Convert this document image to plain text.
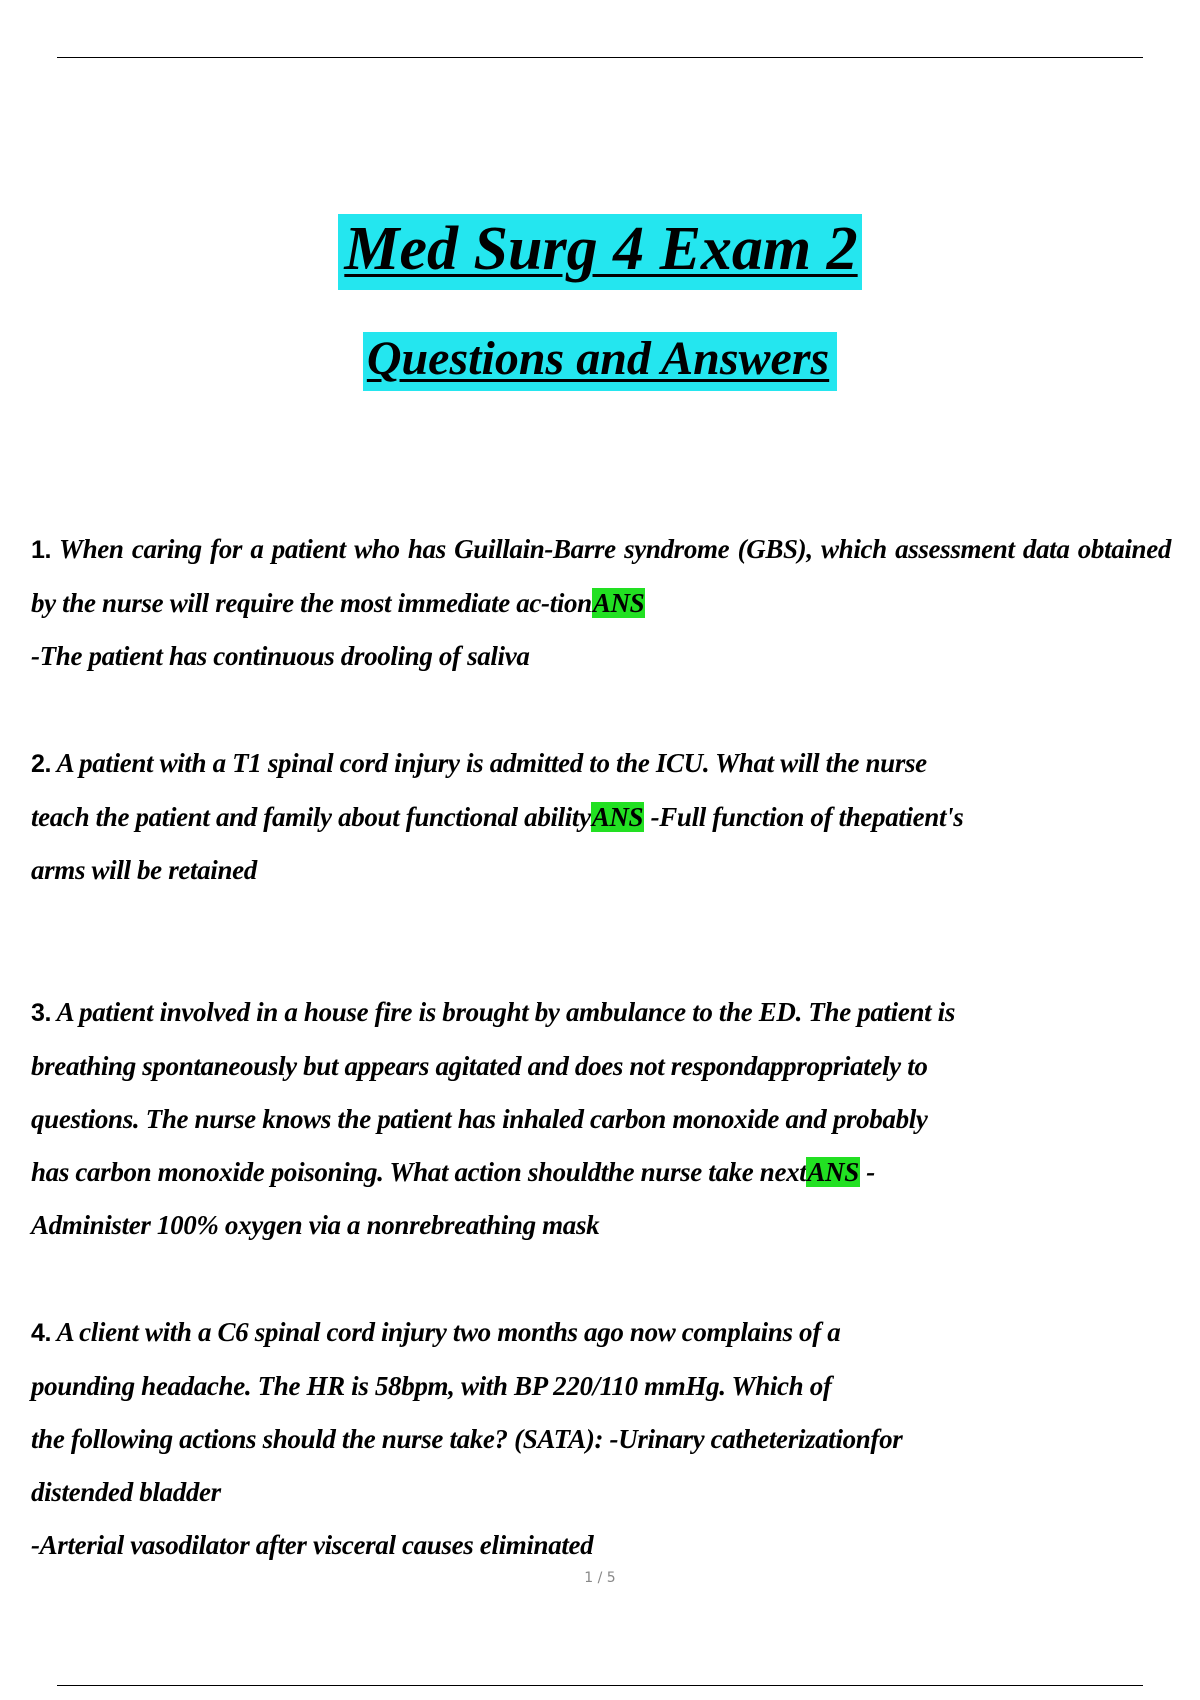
Med Surg 4 Exam 2
Questions and Answers
1. When caring for a patient who has Guillain-Barre syndrome (GBS), which assessment data obtained by the nurse will require the most immediate ac-tionANS
-The patient has continuous drooling of saliva
2. A patient with a T1 spinal cord injury is admitted to the ICU. What will the nurse
teach the patient and family about functional abilityANS -Full function of thepatient's
arms will be retained
3. A patient involved in a house fire is brought by ambulance to the ED. The patient is
breathing spontaneously but appears agitated and does not respondappropriately to
questions. The nurse knows the patient has inhaled carbon monoxide and probably
has carbon monoxide poisoning. What action shouldthe nurse take nextANS -
Administer 100% oxygen via a nonrebreathing mask
4. A client with a C6 spinal cord injury two months ago now complains of a
pounding headache. The HR is 58bpm, with BP 220/110 mmHg. Which of
the following actions should the nurse take? (SATA): -Urinary catheterizationfor
distended bladder
-Arterial vasodilator after visceral causes eliminated
1 / 5
